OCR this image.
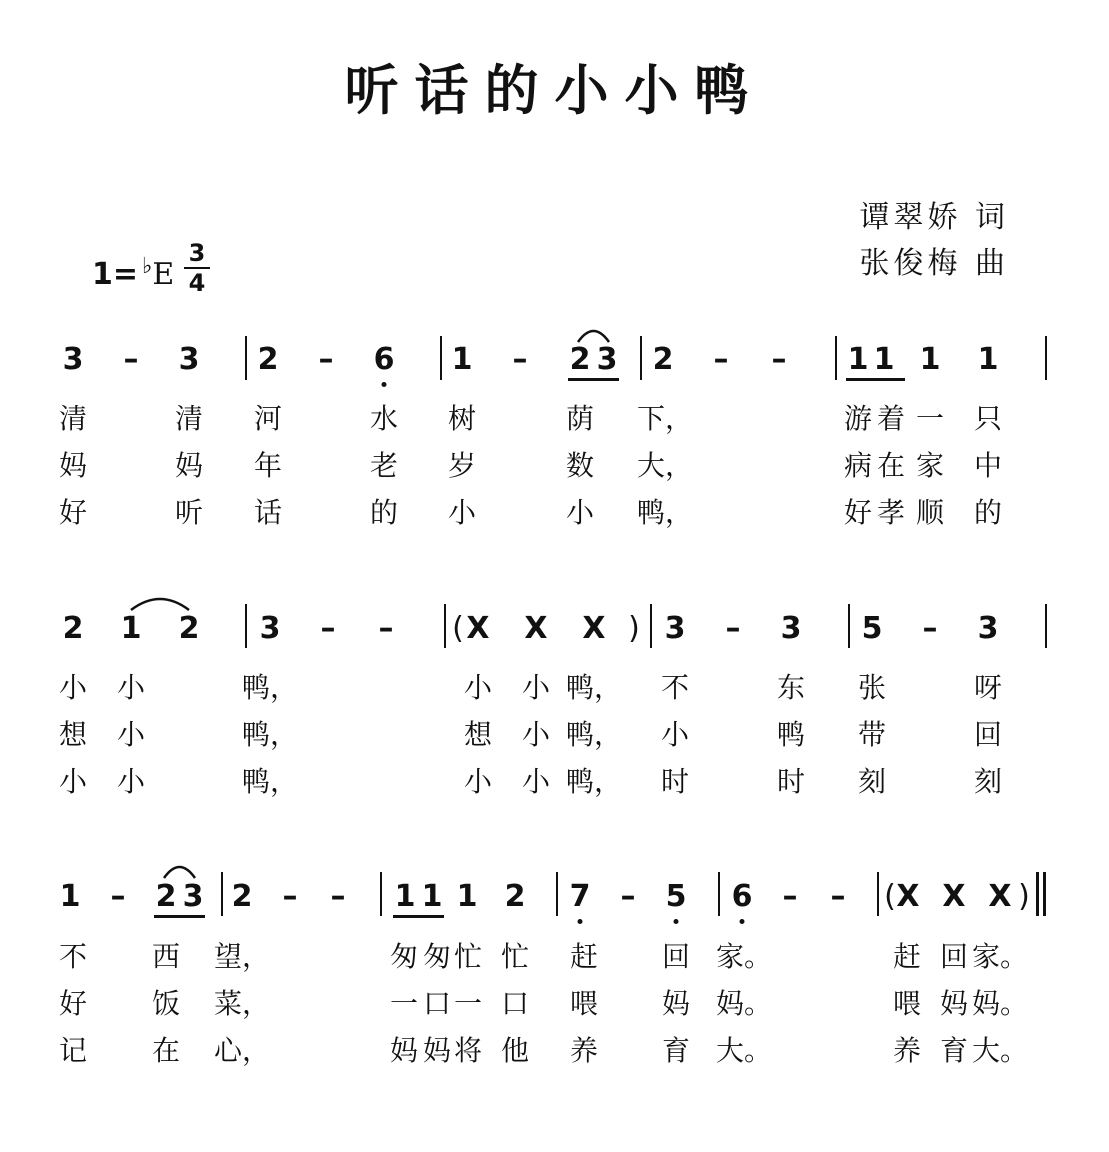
听话的小小鸭
谭翠娇 词
张俊梅 曲
1= ♭E
3
4
3 – 3 2 – 6 1 – 2 3 2 – – 1 1 1 1
清	清 河	水 树	荫 下，	游 着 一 只
妈	妈 年	老 岁	数 大，	病 在 家 中
好	听 话	的 小	小 鸭，	好 孝 顺 的
2 1 2 3 – – ( X X X ) 3 – 3 5 – 3
小 小	鸭，	小 小 鸭， 不	东 张	呀
想 小	鸭，	想 小 鸭， 小	鸭 带	回
小 小	鸭，	小 小 鸭， 时	时 刻	刻
1 – 2 3 2 – – 1 1 1 2 7 – 5 6 – – ( X X X )
不 西 望，	匆 匆 忙 忙 赶 回 家。	赶 回 家。
好 饭 菜，	一 口 一 口 喂 妈 妈。	喂 妈 妈。
记 在 心，	妈 妈 将 他 养 育 大。	养 育 大。
